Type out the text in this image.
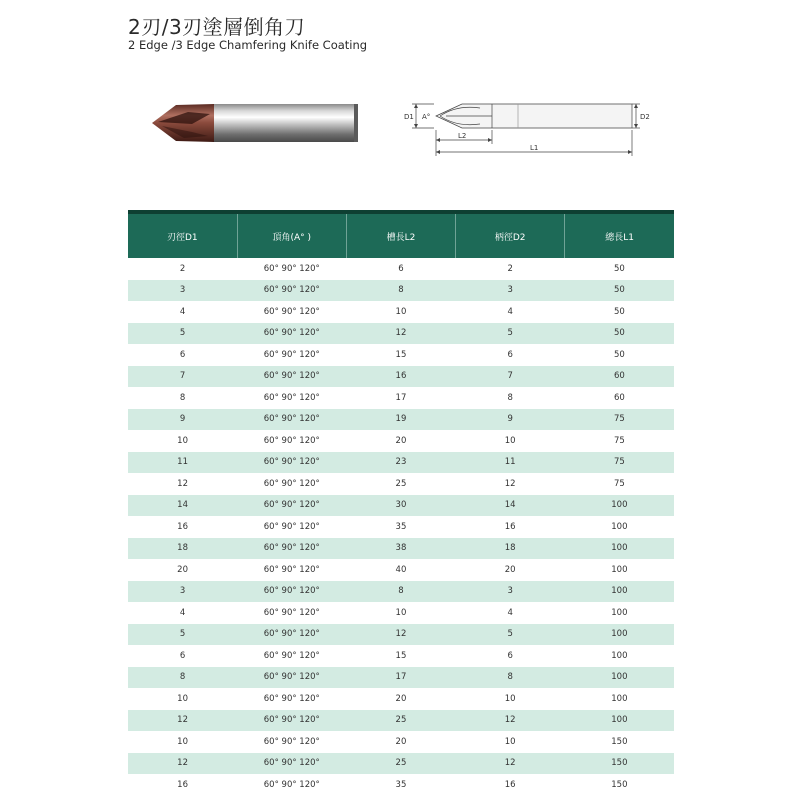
2刃/3刃塗層倒角刀
2 Edge /3 Edge Chamfering Knife Coating
D1 A°	D2
L2
L1
刃徑D1	頂角(A° )	槽長L2	柄徑D2	總長L1
2	60° 90° 120°	6	2	50
3	60° 90° 120°	8	3	50
4	60° 90° 120°	10	4	50
5	60° 90° 120°	12	5	50
6	60° 90° 120°	15	6	50
7	60° 90° 120°	16	7	60
8	60° 90° 120°	17	8	60
9	60° 90° 120°	19	9	75
10	60° 90° 120°	20	10	75
11	60° 90° 120°	23	11	75
12	60° 90° 120°	25	12	75
14	60° 90° 120°	30	14	100
16	60° 90° 120°	35	16	100
18	60° 90° 120°	38	18	100
20	60° 90° 120°	40	20	100
3	60° 90° 120°	8	3	100
4	60° 90° 120°	10	4	100
5	60° 90° 120°	12	5	100
6	60° 90° 120°	15	6	100
8	60° 90° 120°	17	8	100
10	60° 90° 120°	20	10	100
12	60° 90° 120°	25	12	100
10	60° 90° 120°	20	10	150
12	60° 90° 120°	25	12	150
16	60° 90° 120°	35	16	150
